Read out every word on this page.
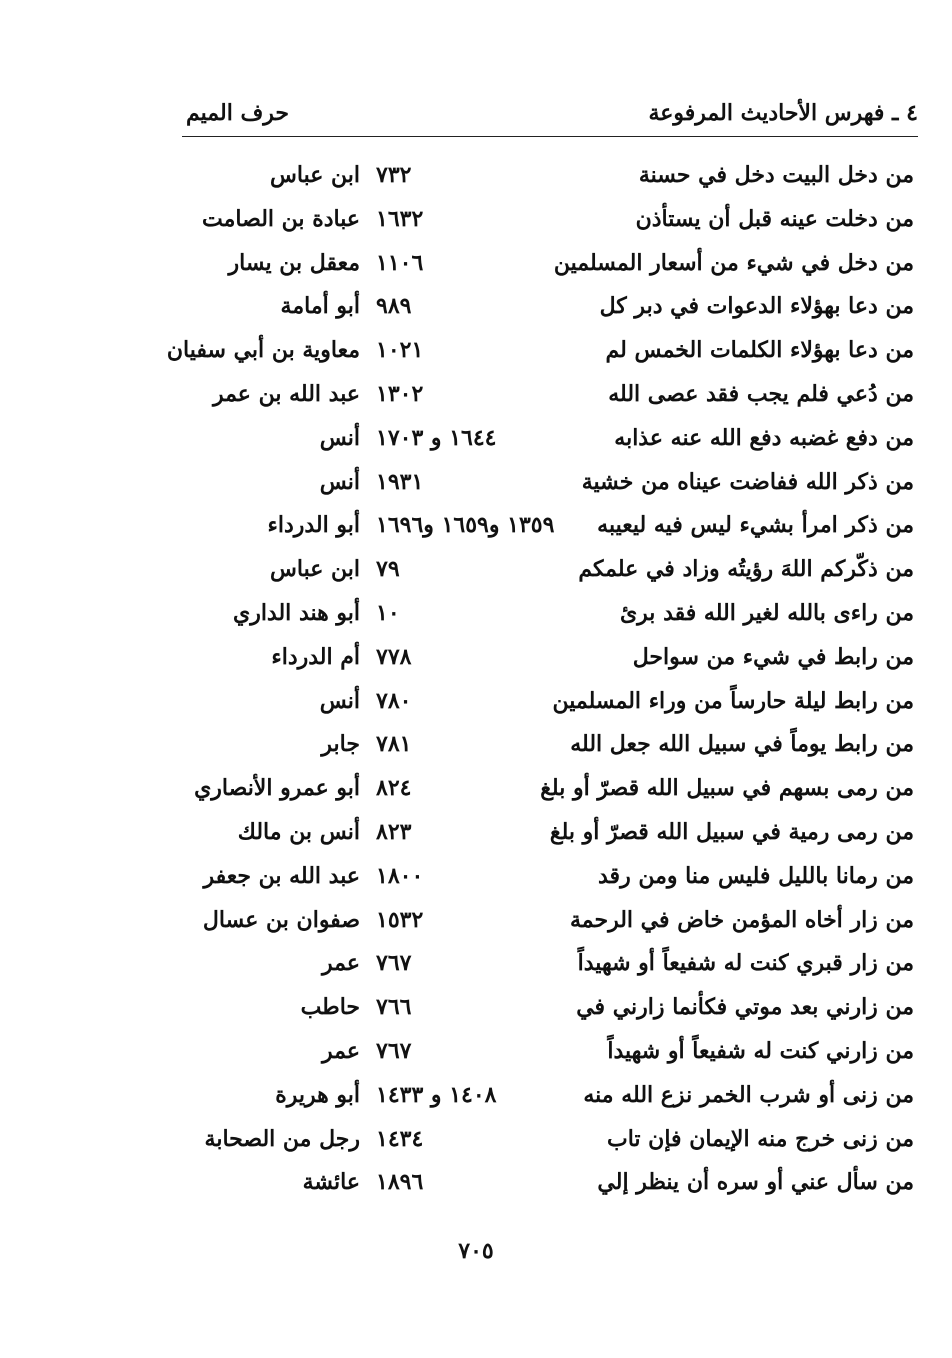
٤ ـ فهرس الأحاديث المرفوعة
حرف الميم
من دخل البيت دخل في حسنة
٧٣٢
ابن عباس
من دخلت عينه قبل أن يستأذن
١٦٣٢
عبادة بن الصامت
من دخل في شيء من أسعار المسلمين
١١٠٦
معقل بن يسار
من دعا بهؤلاء الدعوات في دبر كل
٩٨٩
أبو أمامة
من دعا بهؤلاء الكلمات الخمس لم
١٠٢١
معاوية بن أبي سفيان
من دُعي فلم يجب فقد عصى الله
١٣٠٢
عبد الله بن عمر
من دفع غضبه دفع الله عنه عذابه
١٦٤٤ و ١٧٠٣
أنس
من ذكر الله ففاضت عيناه من خشية
١٩٣١
أنس
من ذكر امرأ بشيء ليس فيه ليعيبه
١٣٥٩ و١٦٥٩ و١٦٩٦
أبو الدرداء
من ذكّركم اللهَ رؤيتُه وزاد في علمكم
٧٩
ابن عباس
من راءى بالله لغير الله فقد برئ
١٠
أبو هند الداري
من رابط في شيء من سواحل
٧٧٨
أم الدرداء
من رابط ليلة حارساً من وراء المسلمين
٧٨٠
أنس
من رابط يوماً في سبيل الله جعل الله
٧٨١
جابر
من رمى بسهم في سبيل الله قصرّ أو بلغ
٨٢٤
أبو عمرو الأنصاري
من رمى رمية في سبيل الله قصرّ أو بلغ
٨٢٣
أنس بن مالك
من رمانا بالليل فليس منا ومن رقد
١٨٠٠
عبد الله بن جعفر
من زار أخاه المؤمن خاض في الرحمة
١٥٣٢
صفوان بن عسال
من زار قبري كنت له شفيعاً أو شهيداً
٧٦٧
عمر
من زارني بعد موتي فكأنما زارني في
٧٦٦
حاطب
من زارني كنت له شفيعاً أو شهيداً
٧٦٧
عمر
من زنى أو شرب الخمر نزع الله منه
١٤٠٨ و ١٤٣٣
أبو هريرة
من زنى خرج منه الإيمان فإن تاب
١٤٣٤
رجل من الصحابة
من سأل عني أو سره أن ينظر إلي
١٨٩٦
عائشة
٧٠٥
